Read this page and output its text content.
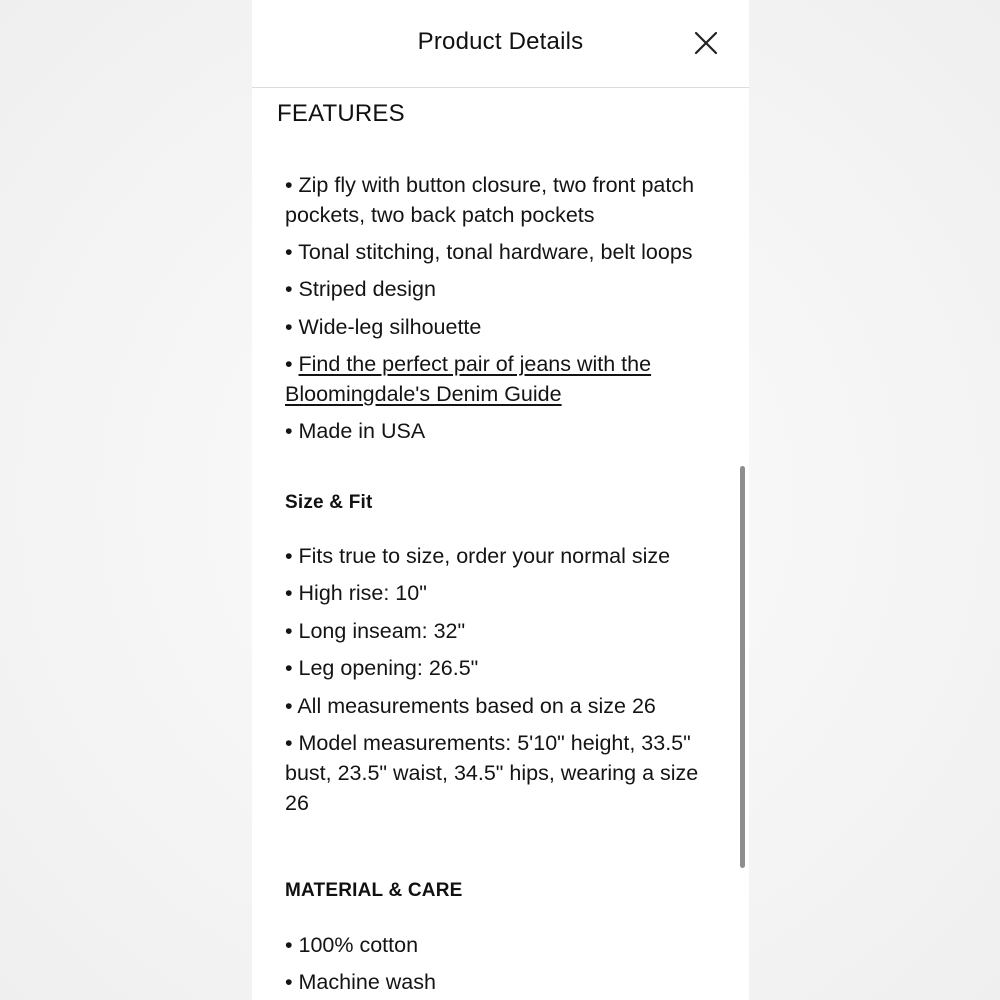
Product Details
FEATURES
• Zip fly with button closure, two front patch pockets, two back patch pockets
• Tonal stitching, tonal hardware, belt loops
• Striped design
• Wide-leg silhouette
• Find the perfect pair of jeans with the Bloomingdale's Denim Guide
• Made in USA
Size & Fit
• Fits true to size, order your normal size
• High rise: 10"
• Long inseam: 32"
• Leg opening: 26.5"
• All measurements based on a size 26
• Model measurements: 5'10" height, 33.5" bust, 23.5" waist, 34.5" hips, wearing a size 26
MATERIAL & CARE
• 100% cotton
• Machine wash
